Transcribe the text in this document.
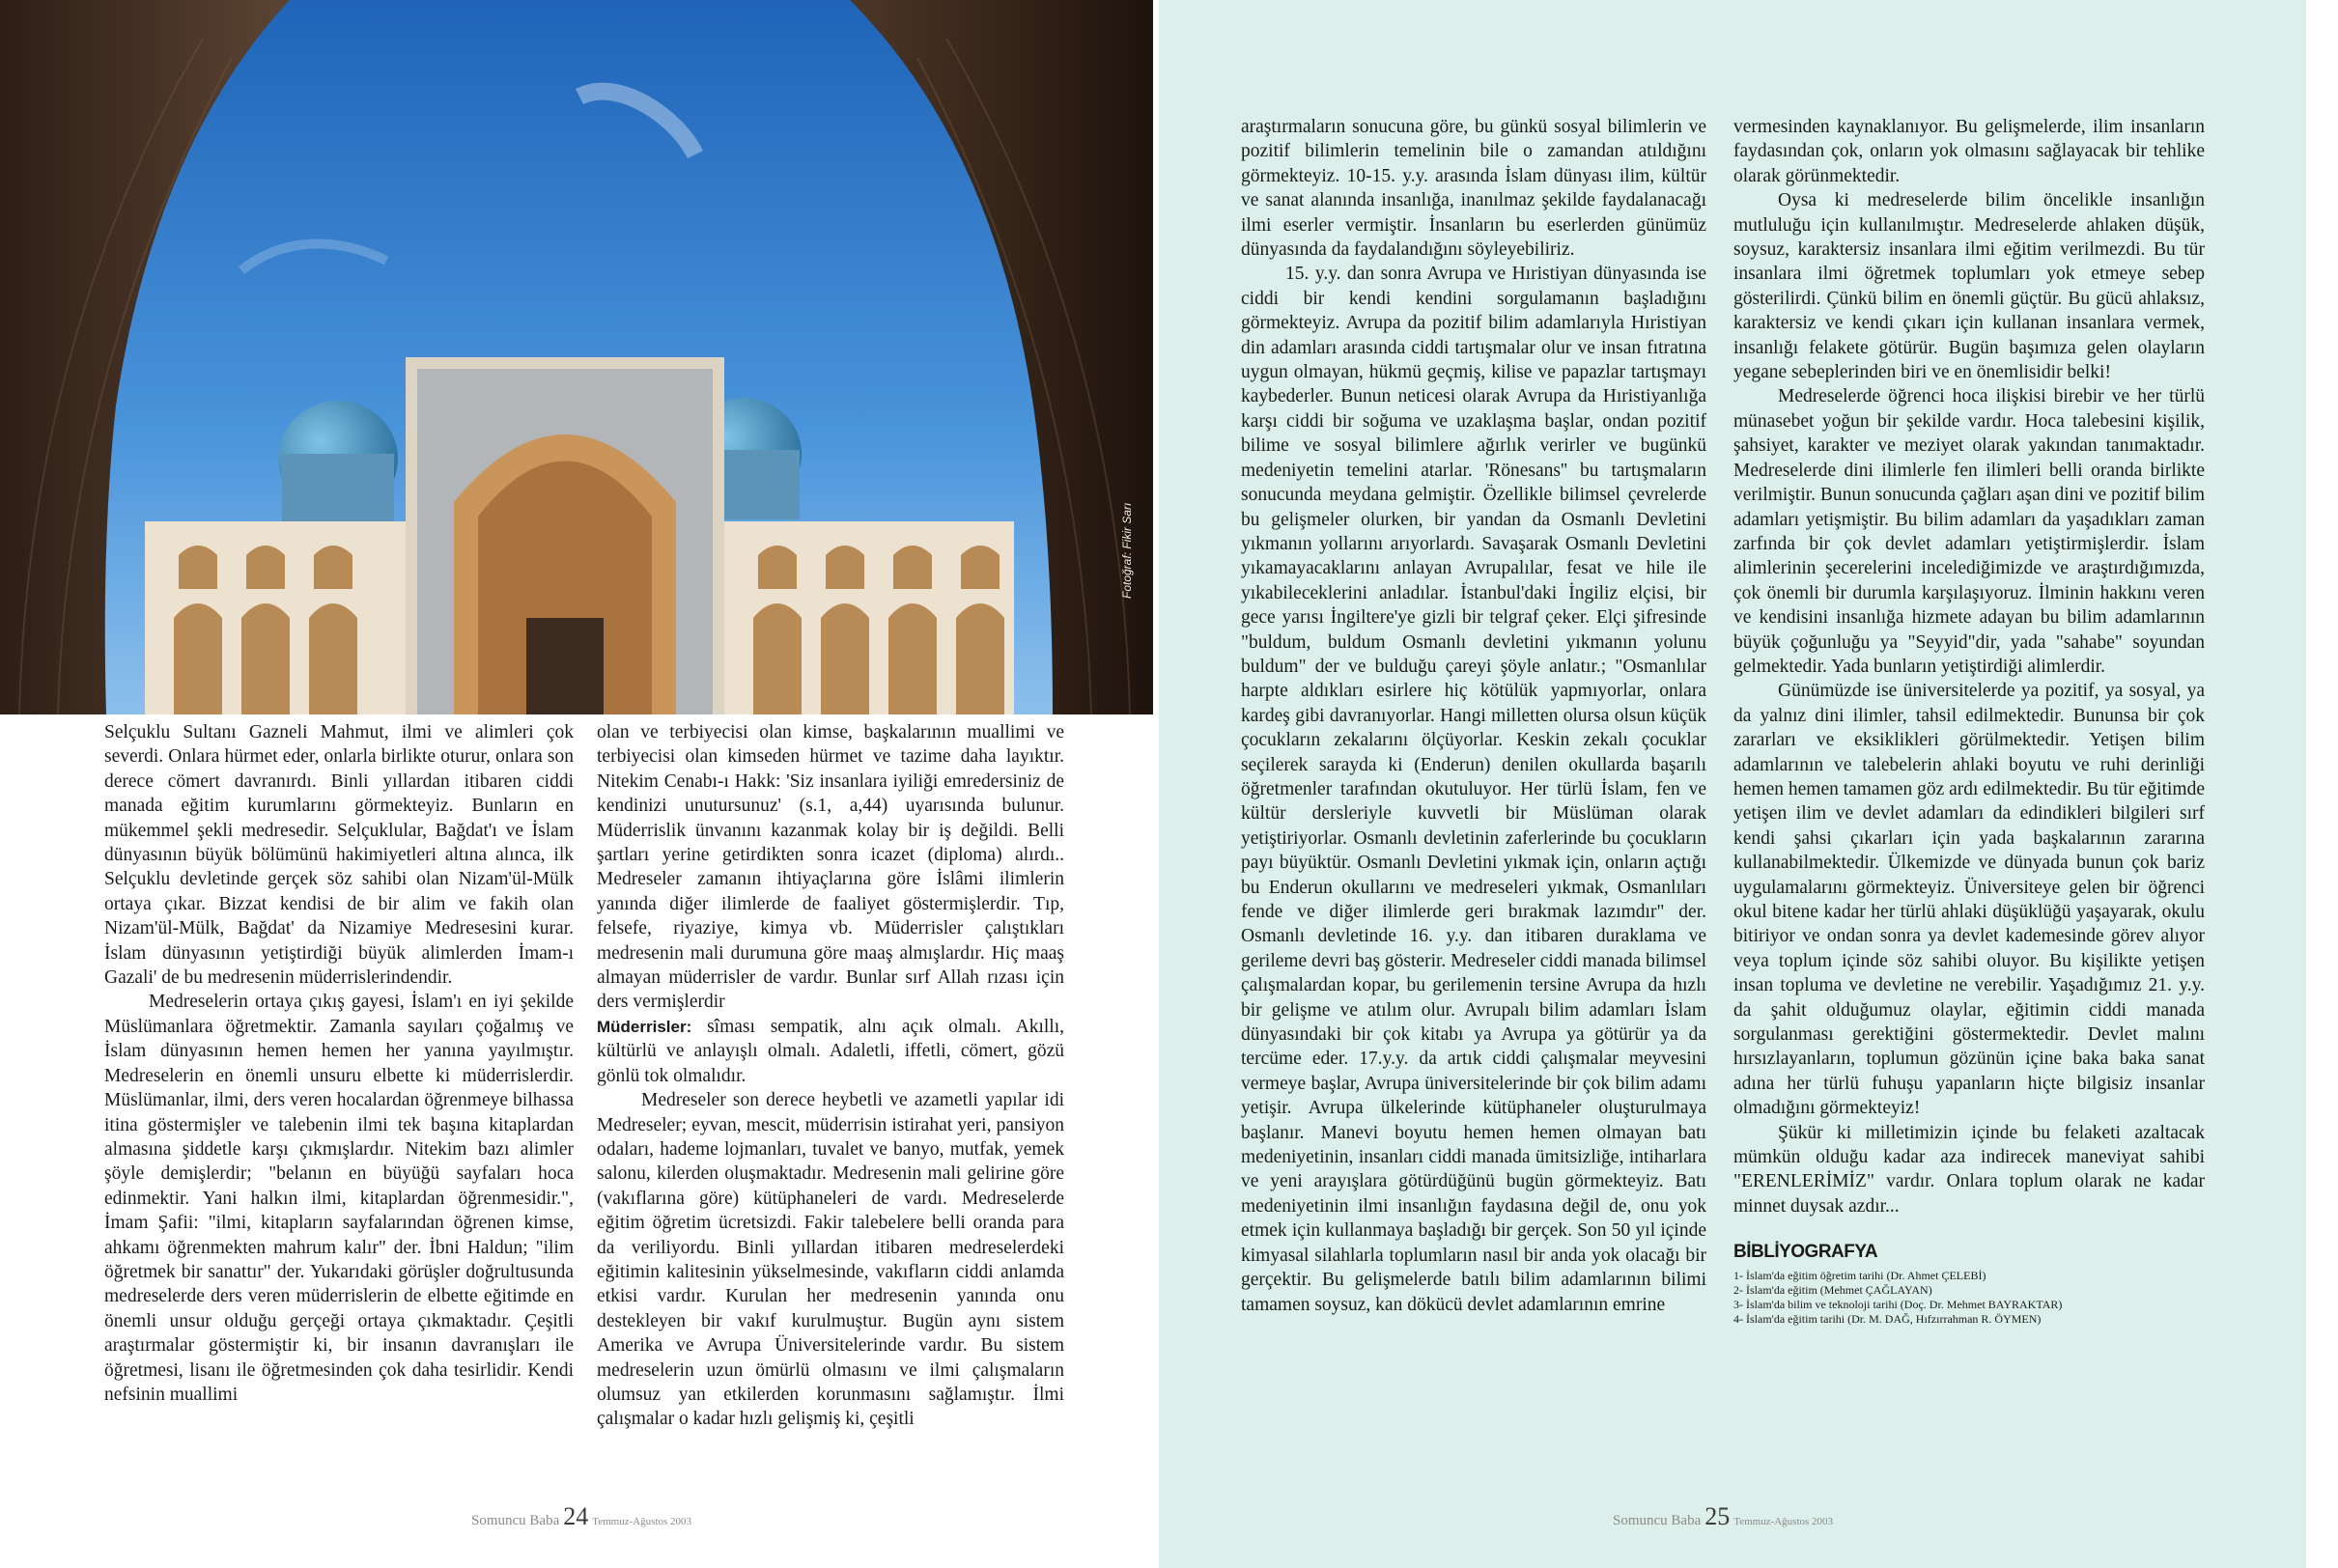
Fotoğraf: Fikir Sarı

Selçuklu Sultanı Gazneli Mahmut, ilmi ve alimleri çok severdi. Onlara hürmet eder, onlarla birlikte oturur, onlara son derece cömert davranırdı. Binli yıllardan itibaren ciddi manada eğitim kurumlarını görmekteyiz. Bunların en mükemmel şekli medresedir. Selçuklular, Bağdat'ı ve İslam dünyasının büyük bölümünü hakimiyetleri altına alınca, ilk Selçuklu devletinde gerçek söz sahibi olan Nizam'ül-Mülk ortaya çıkar. Bizzat kendisi de bir alim ve fakih olan Nizam'ül-Mülk, Bağdat' da Nizamiye Medresesini kurar. İslam dünyasının yetiştirdiği büyük alimlerden İmam-ı Gazali' de bu medresenin müderrislerindendir.

Medreselerin ortaya çıkış gayesi, İslam'ı en iyi şekilde Müslümanlara öğretmektir. Zamanla sayıları çoğalmış ve İslam dünyasının hemen hemen her yanına yayılmıştır. Medreselerin en önemli unsuru elbette ki müderrislerdir. Müslümanlar, ilmi, ders veren hocalardan öğrenmeye bilhassa itina göstermişler ve talebenin ilmi tek başına kitaplardan almasına şiddetle karşı çıkmışlardır. Nitekim bazı alimler şöyle demişlerdir; "belanın en büyüğü sayfaları hoca edinmektir. Yani halkın ilmi, kitaplardan öğrenmesidir.", İmam Şafii: "ilmi, kitapların sayfalarından öğrenen kimse, ahkamı öğrenmekten mahrum kalır" der. İbni Haldun; "ilim öğretmek bir sanattır" der. Yukarıdaki görüşler doğrultusunda medreselerde ders veren müderrislerin de elbette eğitimde en önemli unsur olduğu gerçeği ortaya çıkmaktadır. Çeşitli araştırmalar göstermiştir ki, bir insanın davranışları ile öğretmesi, lisanı ile öğretmesinden çok daha tesirlidir. Kendi nefsinin muallimi

olan ve terbiyecisi olan kimse, başkalarının muallimi ve terbiyecisi olan kimseden hürmet ve tazime daha layıktır. Nitekim Cenabı-ı Hakk: 'Siz insanlara iyiliği emredersiniz de kendinizi unutursunuz' (s.1, a,44) uyarısında bulunur. Müderrislik ünvanını kazanmak kolay bir iş değildi. Belli şartları yerine getirdikten sonra icazet (diploma) alırdı.. Medreseler zamanın ihtiyaçlarına göre İslâmi ilimlerin yanında diğer ilimlerde de faaliyet göstermişlerdir. Tıp, felsefe, riyaziye, kimya vb. Müderrisler çalıştıkları medresenin mali durumuna göre maaş almışlardır. Hiç maaş almayan müderrisler de vardır. Bunlar sırf Allah rızası için ders vermişlerdir

Müderrisler: sîması sempatik, alnı açık olmalı. Akıllı, kültürlü ve anlayışlı olmalı. Adaletli, iffetli, cömert, gözü gönlü tok olmalıdır.

Medreseler son derece heybetli ve azametli yapılar idi Medreseler; eyvan, mescit, müderrisin istirahat yeri, pansiyon odaları, hademe lojmanları, tuvalet ve banyo, mutfak, yemek salonu, kilerden oluşmaktadır. Medresenin mali gelirine göre (vakıflarına göre) kütüphaneleri de vardı. Medreselerde eğitim öğretim ücretsizdi. Fakir talebelere belli oranda para da veriliyordu. Binli yıllardan itibaren medreselerdeki eğitimin kalitesinin yükselmesinde, vakıfların ciddi anlamda etkisi vardır. Kurulan her medresenin yanında onu destekleyen bir vakıf kurulmuştur. Bugün aynı sistem Amerika ve Avrupa Üniversitelerinde vardır. Bu sistem medreselerin uzun ömürlü olmasını ve ilmi çalışmaların olumsuz yan etkilerden korunmasını sağlamıştır. İlmi çalışmalar o kadar hızlı gelişmiş ki, çeşitli

Somuncu Baba 24 Temmuz-Ağustos 2003

araştırmaların sonucuna göre, bu günkü sosyal bilimlerin ve pozitif bilimlerin temelinin bile o zamandan atıldığını görmekteyiz. 10-15. y.y. arasında İslam dünyası ilim, kültür ve sanat alanında insanlığa, inanılmaz şekilde faydalanacağı ilmi eserler vermiştir. İnsanların bu eserlerden günümüz dünyasında da faydalandığını söyleyebiliriz.

15. y.y. dan sonra Avrupa ve Hıristiyan dünyasında ise ciddi bir kendi kendini sorgulamanın başladığını görmekteyiz. Avrupa da pozitif bilim adamlarıyla Hıristiyan din adamları arasında ciddi tartışmalar olur ve insan fıtratına uygun olmayan, hükmü geçmiş, kilise ve papazlar tartışmayı kaybederler. Bunun neticesi olarak Avrupa da Hıristiyanlığa karşı ciddi bir soğuma ve uzaklaşma başlar, ondan pozitif bilime ve sosyal bilimlere ağırlık verirler ve bugünkü medeniyetin temelini atarlar. 'Rönesans'' bu tartışmaların sonucunda meydana gelmiştir. Özellikle bilimsel çevrelerde bu gelişmeler olurken, bir yandan da Osmanlı Devletini yıkmanın yollarını arıyorlardı. Savaşarak Osmanlı Devletini yıkamayacaklarını anlayan Avrupalılar, fesat ve hile ile yıkabileceklerini anladılar. İstanbul'daki İngiliz elçisi, bir gece yarısı İngiltere'ye gizli bir telgraf çeker. Elçi şifresinde "buldum, buldum Osmanlı devletini yıkmanın yolunu buldum" der ve bulduğu çareyi şöyle anlatır.; "Osmanlılar harpte aldıkları esirlere hiç kötülük yapmıyorlar, onlara kardeş gibi davranıyorlar. Hangi milletten olursa olsun küçük çocukların zekalarını ölçüyorlar. Keskin zekalı çocuklar seçilerek sarayda ki (Enderun) denilen okullarda başarılı öğretmenler tarafından okutuluyor. Her türlü İslam, fen ve kültür dersleriyle kuvvetli bir Müslüman olarak yetiştiriyorlar. Osmanlı devletinin zaferlerinde bu çocukların payı büyüktür. Osmanlı Devletini yıkmak için, onların açtığı bu Enderun okullarını ve medreseleri yıkmak, Osmanlıları fende ve diğer ilimlerde geri bırakmak lazımdır" der. Osmanlı devletinde 16. y.y. dan itibaren duraklama ve gerileme devri baş gösterir. Medreseler ciddi manada bilimsel çalışmalardan kopar, bu gerilemenin tersine Avrupa da hızlı bir gelişme ve atılım olur. Avrupalı bilim adamları İslam dünyasındaki bir çok kitabı ya Avrupa ya götürür ya da tercüme eder. 17.y.y. da artık ciddi çalışmalar meyvesini vermeye başlar, Avrupa üniversitelerinde bir çok bilim adamı yetişir. Avrupa ülkelerinde kütüphaneler oluşturulmaya başlanır. Manevi boyutu hemen hemen olmayan batı medeniyetinin, insanları ciddi manada ümitsizliğe, intiharlara ve yeni arayışlara götürdüğünü bugün görmekteyiz. Batı medeniyetinin ilmi insanlığın faydasına değil de, onu yok etmek için kullanmaya başladığı bir gerçek. Son 50 yıl içinde kimyasal silahlarla toplumların nasıl bir anda yok olacağı bir gerçektir. Bu gelişmelerde batılı bilim adamlarının bilimi tamamen soysuz, kan dökücü devlet adamlarının emrine

vermesinden kaynaklanıyor. Bu gelişmelerde, ilim insanların faydasından çok, onların yok olmasını sağlayacak bir tehlike olarak görünmektedir.

Oysa ki medreselerde bilim öncelikle insanlığın mutluluğu için kullanılmıştır. Medreselerde ahlaken düşük, soysuz, karaktersiz insanlara ilmi eğitim verilmezdi. Bu tür insanlara ilmi öğretmek toplumları yok etmeye sebep gösterilirdi. Çünkü bilim en önemli güçtür. Bu gücü ahlaksız, karaktersiz ve kendi çıkarı için kullanan insanlara vermek, insanlığı felakete götürür. Bugün başımıza gelen olayların yegane sebeplerinden biri ve en önemlisidir belki!

Medreselerde öğrenci hoca ilişkisi birebir ve her türlü münasebet yoğun bir şekilde vardır. Hoca talebesini kişilik, şahsiyet, karakter ve meziyet olarak yakından tanımaktadır. Medreselerde dini ilimlerle fen ilimleri belli oranda birlikte verilmiştir. Bunun sonucunda çağları aşan dini ve pozitif bilim adamları yetişmiştir. Bu bilim adamları da yaşadıkları zaman zarfında bir çok devlet adamları yetiştirmişlerdir. İslam alimlerinin şecerelerini incelediğimizde ve araştırdığımızda, çok önemli bir durumla karşılaşıyoruz. İlminin hakkını veren ve kendisini insanlığa hizmete adayan bu bilim adamlarının büyük çoğunluğu ya "Seyyid"dir, yada "sahabe" soyundan gelmektedir. Yada bunların yetiştirdiği alimlerdir.

Günümüzde ise üniversitelerde ya pozitif, ya sosyal, ya da yalnız dini ilimler, tahsil edilmektedir. Bununsa bir çok zararları ve eksiklikleri görülmektedir. Yetişen bilim adamlarının ve talebelerin ahlaki boyutu ve ruhi derinliği hemen hemen tamamen göz ardı edilmektedir. Bu tür eğitimde yetişen ilim ve devlet adamları da edindikleri bilgileri sırf kendi şahsi çıkarları için yada başkalarının zararına kullanabilmektedir. Ülkemizde ve dünyada bunun çok bariz uygulamalarını görmekteyiz. Üniversiteye gelen bir öğrenci okul bitene kadar her türlü ahlaki düşüklüğü yaşayarak, okulu bitiriyor ve ondan sonra ya devlet kademesinde görev alıyor veya toplum içinde söz sahibi oluyor. Bu kişilikte yetişen insan topluma ve devletine ne verebilir. Yaşadığımız 21. y.y. da şahit olduğumuz olaylar, eğitimin ciddi manada sorgulanması gerektiğini göstermektedir. Devlet malını hırsızlayanların, toplumun gözünün içine baka baka sanat adına her türlü fuhuşu yapanların hiçte bilgisiz insanlar olmadığını görmekteyiz!

Şükür ki milletimizin içinde bu felaketi azaltacak mümkün olduğu kadar aza indirecek maneviyat sahibi "ERENLERİMİZ" vardır. Onlara toplum olarak ne kadar minnet duysak azdır...

BİBLİYOGRAFYA
1- İslam'da eğitim öğretim tarihi (Dr. Ahmet ÇELEBİ)
2- İslam'da eğitim (Mehmet ÇAĞLAYAN)
3- İslam'da bilim ve teknoloji tarihi (Doç. Dr. Mehmet BAYRAKTAR)
4- İslam'da eğitim tarihi (Dr. M. DAĞ, Hıfzırrahman R. ÖYMEN)
Somuncu Baba 25 Temmuz-Ağustos 2003
